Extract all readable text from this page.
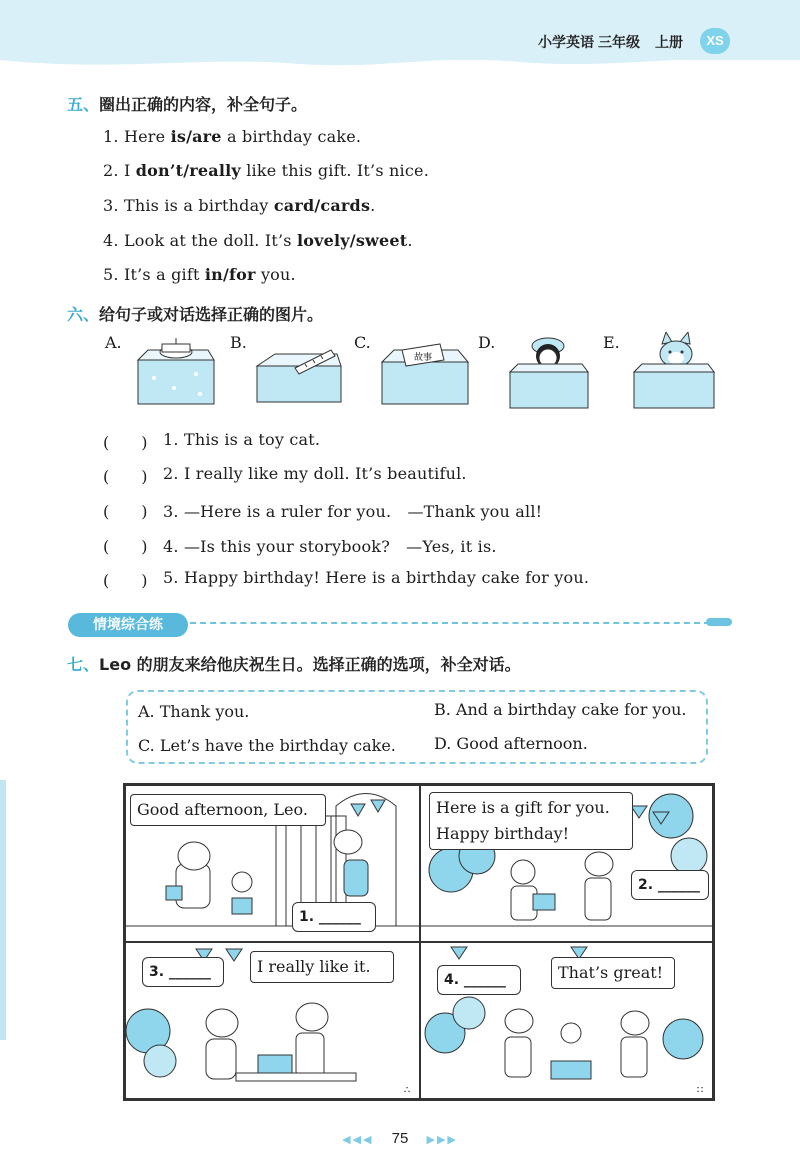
小学英语 三年级 上册	XS
五、圈出正确的内容，补全句子。
1. Here is/are a birthday cake.
2. I don’t/really like this gift. It’s nice.
3. This is a birthday card/cards.
4. Look at the doll. It’s lovely/sweet.
5. It’s a gift in/for you.
六、给句子或对话选择正确的图片。
A.	B.	C.	D.	E.
故事
(　　) 1. This is a toy cat.
(　　) 2. I really like my doll. It’s beautiful.
(　　) 3. —Here is a ruler for you.　—Thank you all!
(　　) 4. —Is this your storybook?　—Yes, it is.
(　　) 5. Happy birthday! Here is a birthday cake for you.
情境综合练
七、Leo 的朋友来给他庆祝生日。选择正确的选项，补全对话。
A. Thank you.	B. And a birthday cake for you.
C. Let’s have the birthday cake. D. Good afternoon.
Good afternoon, Leo.
1. ______
Here is a gift for you.
Happy birthday!
2. ______
∴
3. ______	I really like it.
∷
4. ______	That’s great!
◀◀◀ 75 ▶▶▶
